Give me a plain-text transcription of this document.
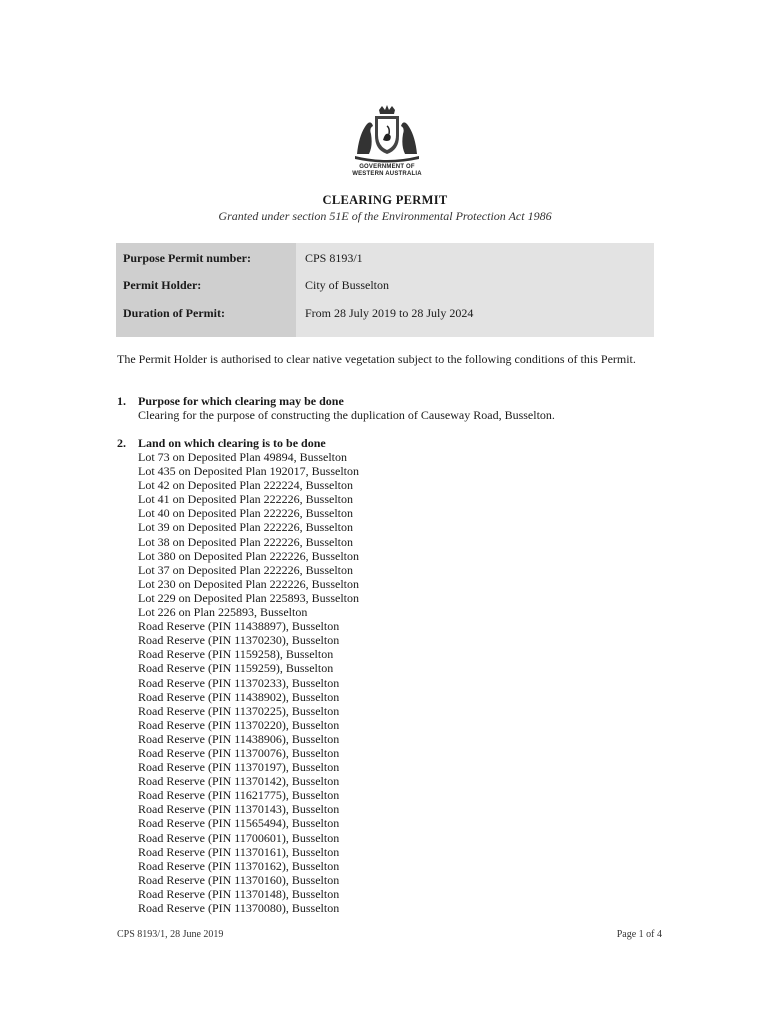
GOVERNMENT OF
WESTERN AUSTRALIA
CLEARING PERMIT
Granted under section 51E of the Environmental Protection Act 1986
Purpose Permit number:	CPS 8193/1
Permit Holder:	City of Busselton
Duration of Permit:	From 28 July 2019 to 28 July 2024
The Permit Holder is authorised to clear native vegetation subject to the following conditions of this Permit.
1. Purpose for which clearing may be done
Clearing for the purpose of constructing the duplication of Causeway Road, Busselton.
2. Land on which clearing is to be done
Lot 73 on Deposited Plan 49894, Busselton
Lot 435 on Deposited Plan 192017, Busselton
Lot 42 on Deposited Plan 222224, Busselton
Lot 41 on Deposited Plan 222226, Busselton
Lot 40 on Deposited Plan 222226, Busselton
Lot 39 on Deposited Plan 222226, Busselton
Lot 38 on Deposited Plan 222226, Busselton
Lot 380 on Deposited Plan 222226, Busselton
Lot 37 on Deposited Plan 222226, Busselton
Lot 230 on Deposited Plan 222226, Busselton
Lot 229 on Deposited Plan 225893, Busselton
Lot 226 on Plan 225893, Busselton
Road Reserve (PIN 11438897), Busselton
Road Reserve (PIN 11370230), Busselton
Road Reserve (PIN 1159258), Busselton
Road Reserve (PIN 1159259), Busselton
Road Reserve (PIN 11370233), Busselton
Road Reserve (PIN 11438902), Busselton
Road Reserve (PIN 11370225), Busselton
Road Reserve (PIN 11370220), Busselton
Road Reserve (PIN 11438906), Busselton
Road Reserve (PIN 11370076), Busselton
Road Reserve (PIN 11370197), Busselton
Road Reserve (PIN 11370142), Busselton
Road Reserve (PIN 11621775), Busselton
Road Reserve (PIN 11370143), Busselton
Road Reserve (PIN 11565494), Busselton
Road Reserve (PIN 11700601), Busselton
Road Reserve (PIN 11370161), Busselton
Road Reserve (PIN 11370162), Busselton
Road Reserve (PIN 11370160), Busselton
Road Reserve (PIN 11370148), Busselton
Road Reserve (PIN 11370080), Busselton
CPS 8193/1, 28 June 2019	Page 1 of 4
